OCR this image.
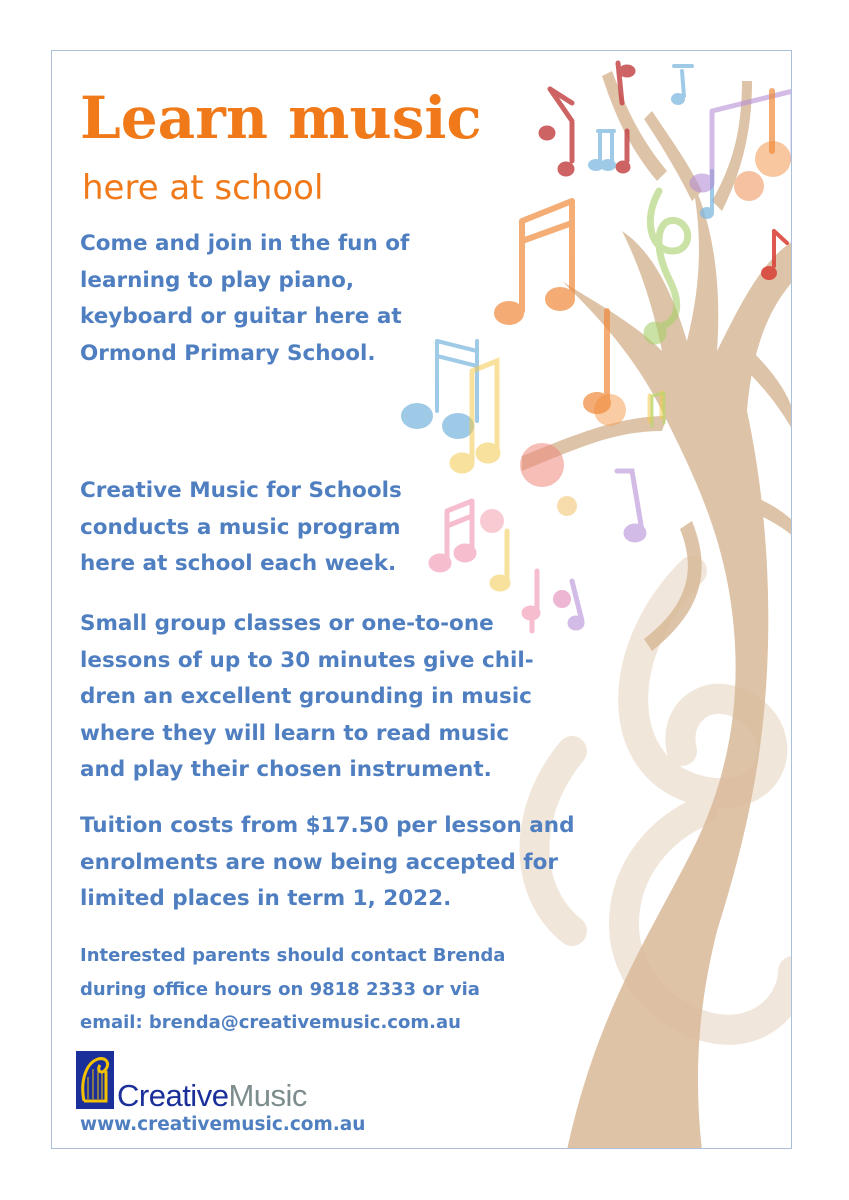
Learn music
here at school
Come and join in the fun of
learning to play piano,
keyboard or guitar here at
Ormond Primary School.
Creative Music for Schools
conducts a music program
here at school each week.
Small group classes or one-to-one
lessons of up to 30 minutes give chil-
dren an excellent grounding in music
where they will learn to read music
and play their chosen instrument.
Tuition costs from $17.50 per lesson and
enrolments are now being accepted for
limited places in term 1, 2022.
Interested parents should contact Brenda
during office hours on 9818 2333 or via
email: brenda@creativemusic.com.au
CreativeMusic
www.creativemusic.com.au
